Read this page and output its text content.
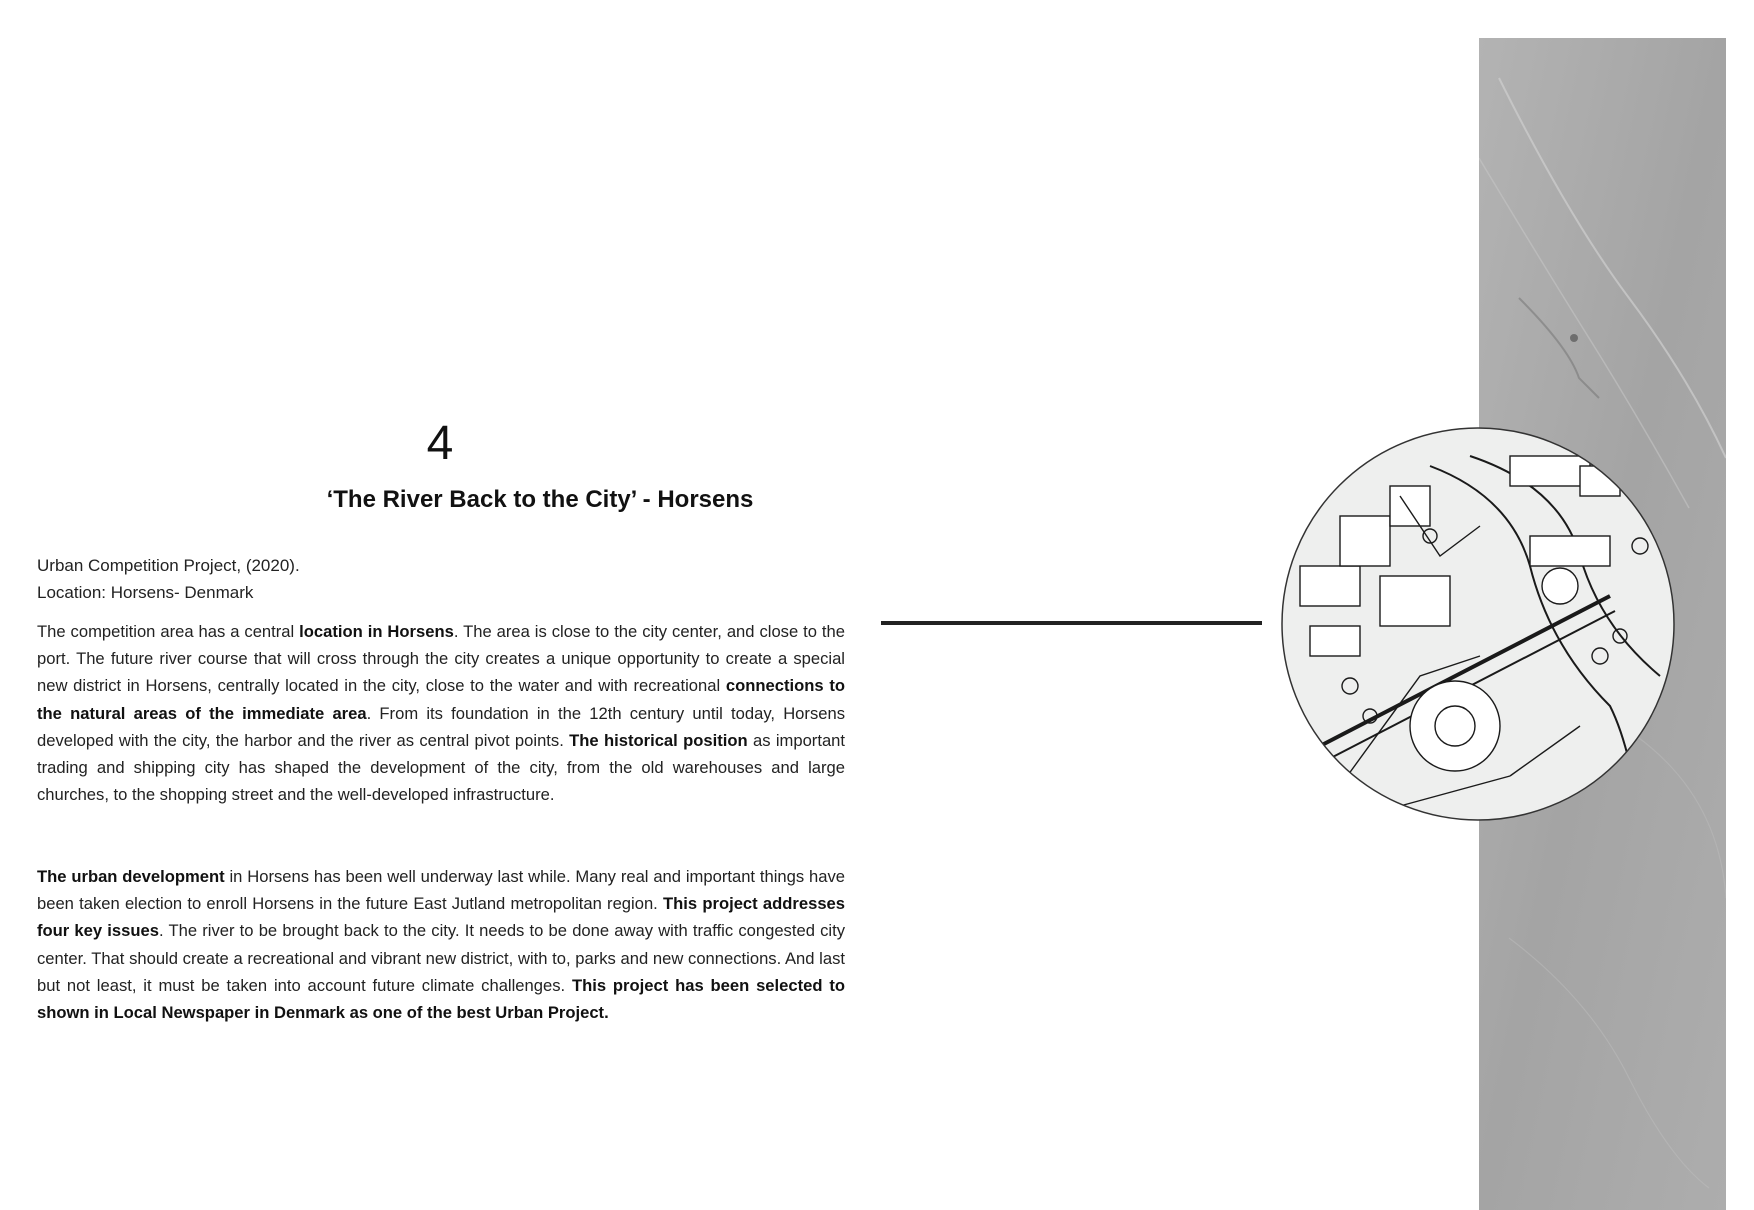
4
‘The River Back to the City’ - Horsens
Urban Competition Project, (2020).
Location: Horsens- Denmark
The competition area has a central location in Horsens. The area is close to the city center, and close to the port. The future river course that will cross through the city creates a unique opportunity to create a special new district in Horsens, centrally located in the city, close to the water and with recreational connections to the natural areas of the immediate area. From its foundation in the 12th century until today, Horsens developed with the city, the harbor and the river as central pivot points. The historical position as important trading and shipping city has shaped the development of the city, from the old warehouses and large churches, to the shopping street and the well-developed infrastructure.
The urban development in Horsens has been well underway last while. Many real and important things have been taken election to enroll Horsens in the future East Jutland metropolitan region. This project addresses four key issues. The river to be brought back to the city. It needs to be done away with traffic congested city center. That should create a recreational and vibrant new district, with to, parks and new connections. And last but not least, it must be taken into account future climate challenges. This project has been selected to shown in Local Newspaper in Denmark as one of the best Urban Project.
